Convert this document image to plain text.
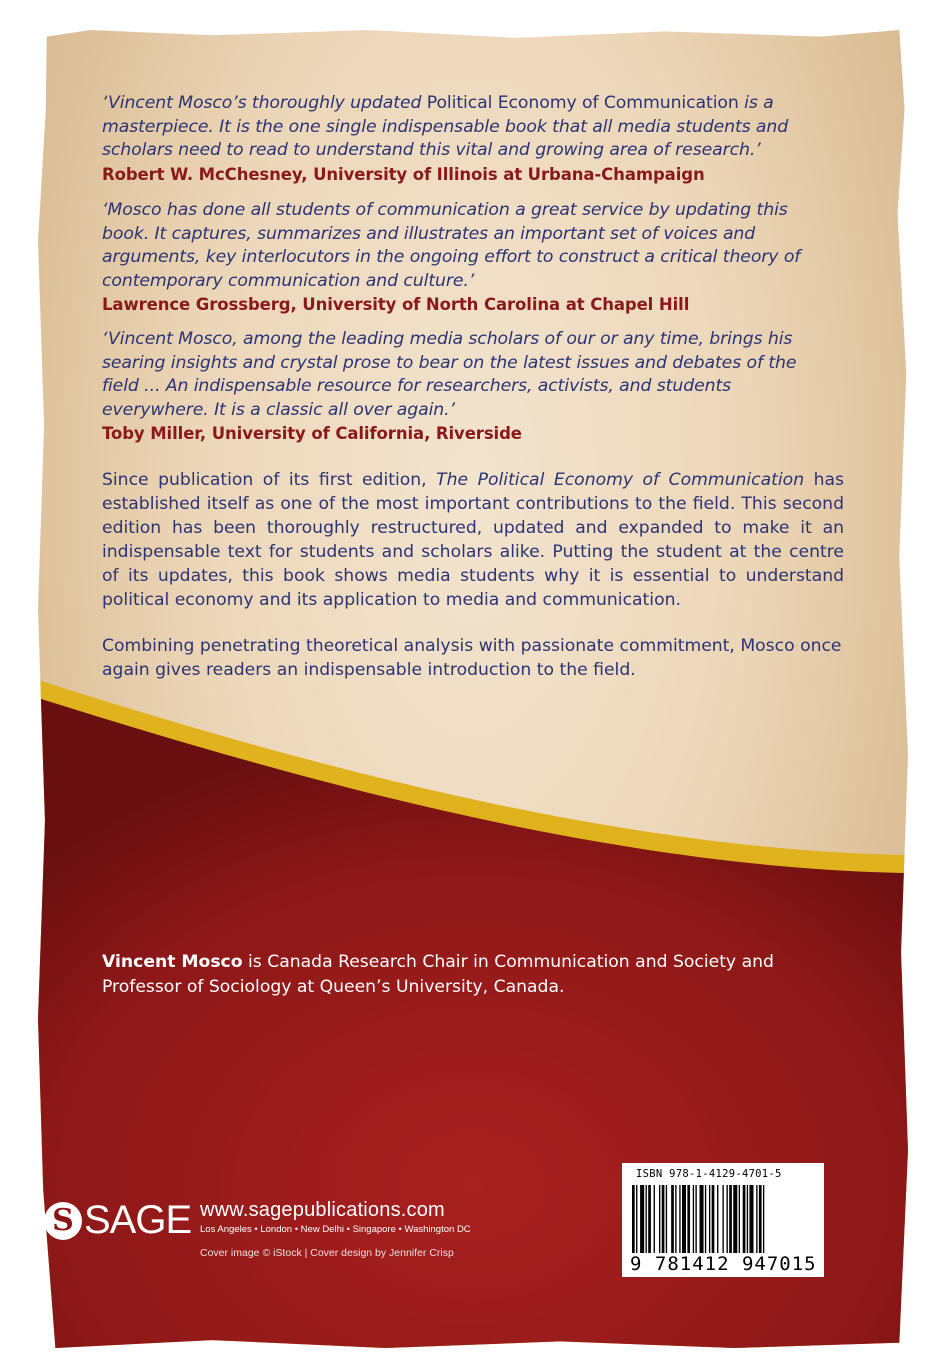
‘Vincent Mosco’s thoroughly updated Political Economy of Communication is a masterpiece. It is the one single indispensable book that all media students and scholars need to read to understand this vital and growing area of research.’
Robert W. McChesney, University of Illinois at Urbana-Champaign
‘Mosco has done all students of communication a great service by updating this book. It captures, summarizes and illustrates an important set of voices and arguments, key interlocutors in the ongoing effort to construct a critical theory of contemporary communication and culture.’
Lawrence Grossberg, University of North Carolina at Chapel Hill
‘Vincent Mosco, among the leading media scholars of our or any time, brings his searing insights and crystal prose to bear on the latest issues and debates of the field ... An indispensable resource for researchers, activists, and students everywhere. It is a classic all over again.’
Toby Miller, University of California, Riverside
Since publication of its first edition, The Political Economy of Communication has established itself as one of the most important contributions to the field. This second edition has been thoroughly restructured, updated and expanded to make it an indispensable text for students and scholars alike. Putting the student at the centre of its updates, this book shows media students why it is essential to understand political economy and its application to media and communication.
Combining penetrating theoretical analysis with passionate commitment, Mosco once again gives readers an indispensable introduction to the field.
Vincent Mosco is Canada Research Chair in Communication and Society and Professor of Sociology at Queen’s University, Canada.
S SAGE www.sagepublications.com
Los Angeles • London • New Delhi • Singapore • Washington DC
Cover image © iStock | Cover design by Jennifer Crisp
ISBN 978-1-4129-4701-5
9 781412 947015
